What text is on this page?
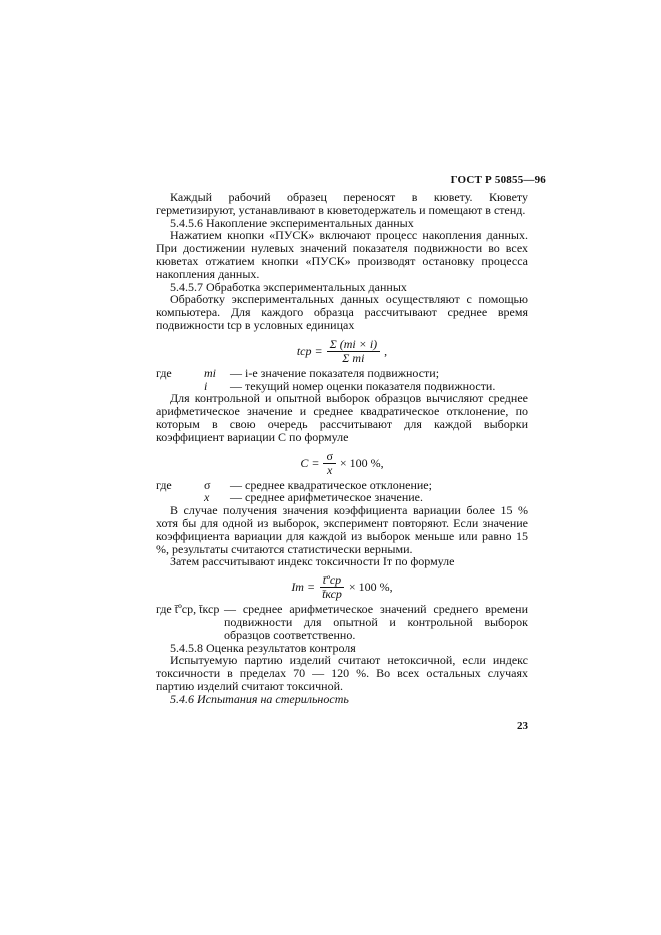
ГОСТ Р 50855—96
Каждый рабочий образец переносят в кювету. Кювету герметизируют, устанавливают в кюветодержатель и помещают в стенд.
5.4.5.6 Накопление экспериментальных данных
Нажатием кнопки «ПУСК» включают процесс накопления данных. При достижении нулевых значений показателя подвижности во всех кюветах отжатием кнопки «ПУСК» производят остановку процесса накопления данных.
5.4.5.7 Обработка экспериментальных данных
Обработку экспериментальных данных осуществляют с помощью компьютера. Для каждого образца рассчитывают среднее время подвижности tср в условных единицах
tср = $\frac{\Sigma (mi \times i)}{\text{Σ mi}}$ ,
где	mi — i-е значение показателя подвижности;
i — текущий номер оценки показателя подвижности.
Для контрольной и опытной выборок образцов вычисляют среднее арифметическое значение и среднее квадратическое отклонение, по которым в свою очередь рассчитывают для каждой выборки коэффициент вариации С по формуле
$C = \frac{\sigma}{x} \times 100$ %,
где	σ — среднее квадратическое отклонение;
x — среднее арифметическое значение.
В случае получения значения коэффициента вариации более 15 % хотя бы для одной из выборок, эксперимент повторяют. Если значение коэффициента вариации для каждой из выборок меньше или равно 15 %, результаты считаются статистически верными.
Затем рассчитывают индекс токсичности Iт по формуле
Iт = $\frac{\text{t̄ºср}}{\text{t̄кср}} \times 100$ %,
где t̄ºср, t̄кср — среднее арифметическое значений среднего времени подвижности для опытной и контрольной выборок образцов соответственно.
5.4.5.8 Оценка результатов контроля
Испытуемую партию изделий считают нетоксичной, если индекс токсичности в пределах 70 — 120 %. Во всех остальных случаях партию изделий считают токсичной.
5.4.6 Испытания на стерильность
23
